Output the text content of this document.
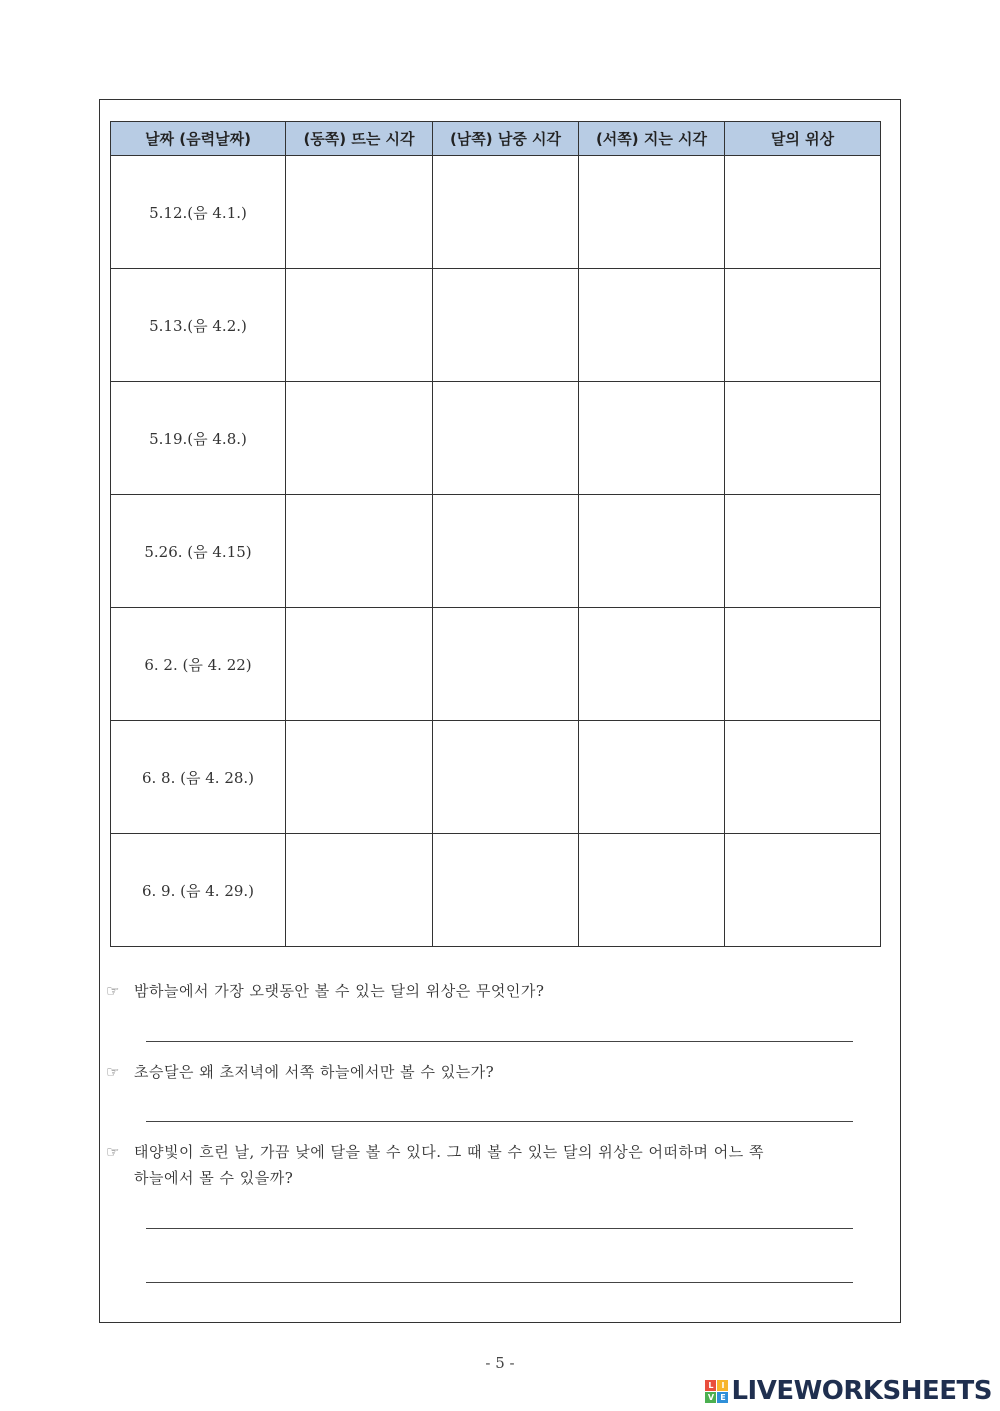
날짜 (음력날짜)	(동쪽) 뜨는 시각	(남쪽) 남중 시각	(서쪽) 지는 시각	달의 위상
5.12.(음 4.1.)				
5.13.(음 4.2.)				
5.19.(음 4.8.)				
5.26. (음 4.15)				
6. 2. (음 4. 22)				
6. 8. (음 4. 28.)				
6. 9. (음 4. 29.)				
☞ 밤하늘에서 가장 오랫동안 볼 수 있는 달의 위상은 무엇인가?
☞ 초승달은 왜 초저녁에 서쪽 하늘에서만 볼 수 있는가?
☞ 태양빛이 흐린 날, 가끔 낮에 달을 볼 수 있다. 그 때 볼 수 있는 달의 위상은 어떠하며 어느 쪽
하늘에서 몰 수 있을까?
- 5 -
L I
V E LIVEWORKSHEETS
